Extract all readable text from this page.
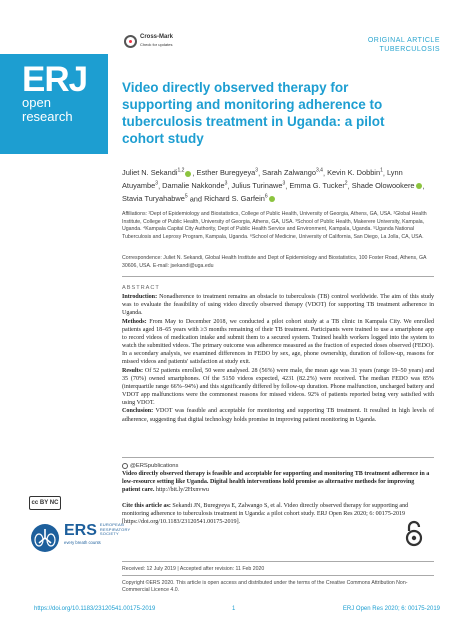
Cross-Mark
Check for updates
ORIGINAL ARTICLE
TUBERCULOSIS
ERJ
open
research
Video directly observed therapy for supporting and monitoring adherence to tuberculosis treatment in Uganda: a pilot cohort study
Juliet N. Sekandi$^{1,2}$ , Esther Buregyeya$^3$, Sarah Zalwango$^{3,4}$, Kevin K. Dobbin$^1$, Lynn Atuyambe$^3$, Damalie Nakkonde$^3$, Julius Turinawe$^3$, Emma G. Tucker$^2$, Shade Olowookere , Stavia Turyahabwe$^5$ and Richard S. Garfein$^6$
Affiliations: ¹Dept of Epidemiology and Biostatistics, College of Public Health, University of Georgia, Athens, GA, USA. ²Global Health Institute, College of Public Health, University of Georgia, Athens, GA, USA. ³School of Public Health, Makerere University, Kampala, Uganda. ⁴Kampala Capital City Authority, Dept of Public Health Service and Environment, Kampala, Uganda. ⁵Uganda National Tuberculosis and Leprosy Program, Kampala, Uganda. ⁶School of Medicine, University of California, San Diego, La Jolla, CA, USA.
Correspondence: Juliet N. Sekandi, Global Health Institute and Dept of Epidemiology and Biostatistics, 100 Foster Road, Athens, GA 30606, USA. E-mail: jsekandi@uga.edu
ABSTRACT
Introduction: Nonadherence to treatment remains an obstacle to tuberculosis (TB) control worldwide. The aim of this study was to evaluate the feasibility of using video directly observed therapy (VDOT) for supporting TB treatment adherence in Uganda.
Methods: From May to December 2018, we conducted a pilot cohort study at a TB clinic in Kampala City. We enrolled patients aged 18–65 years with ≥3 months remaining of their TB treatment. Participants were trained to use a smartphone app to record videos of medication intake and submit them to a secured system. Trained health workers logged into the system to watch the submitted videos. The primary outcome was adherence measured as the fraction of expected doses observed (FEDO). In a secondary analysis, we examined differences in FEDO by sex, age, phone ownership, duration of follow-up, reasons for missed videos and patients' satisfaction at study exit.
Results: Of 52 patients enrolled, 50 were analysed. 28 (56%) were male, the mean age was 31 years (range 19–50 years) and 35 (70%) owned smartphones. Of the 5150 videos expected, 4231 (82.2%) were received. The median FEDO was 85% (interquartile range 66%–94%) and this significantly differed by follow-up duration. Phone malfunction, uncharged battery and VDOT app malfunctions were the commonest reasons for missed videos. 92% of patients reported being very satisfied with using VDOT.
Conclusion: VDOT was feasible and acceptable for monitoring and supporting TB treatment. It resulted in high levels of adherence, suggesting that digital technology holds promise in improving patient monitoring in Uganda.
@ERSpublications
Video directly observed therapy is feasible and acceptable for supporting and monitoring TB treatment adherence in a low-resource setting like Uganda. Digital health interventions hold promise as alternative methods for improving patient care. http://bit.ly/2Hxnvwu
Cite this article as: Sekandi JN, Buregyeya E, Zalwango S, et al. Video directly observed therapy for supporting and monitoring adherence to tuberculosis treatment in Uganda: a pilot cohort study. ERJ Open Res 2020; 6: 00175-2019 [https://doi.org/10.1183/23120541.00175-2019].
cc BY NC
ERS EUROPEAN
RESPIRATORY
SOCIETY
every breath counts
Received: 12 July 2019 | Accepted after revision: 11 Feb 2020
Copyright ©ERS 2020. This article is open access and distributed under the terms of the Creative Commons Attribution Non-Commercial Licence 4.0.
https://doi.org/10.1183/23120541.00175-2019	1	ERJ Open Res 2020; 6: 00175-2019
